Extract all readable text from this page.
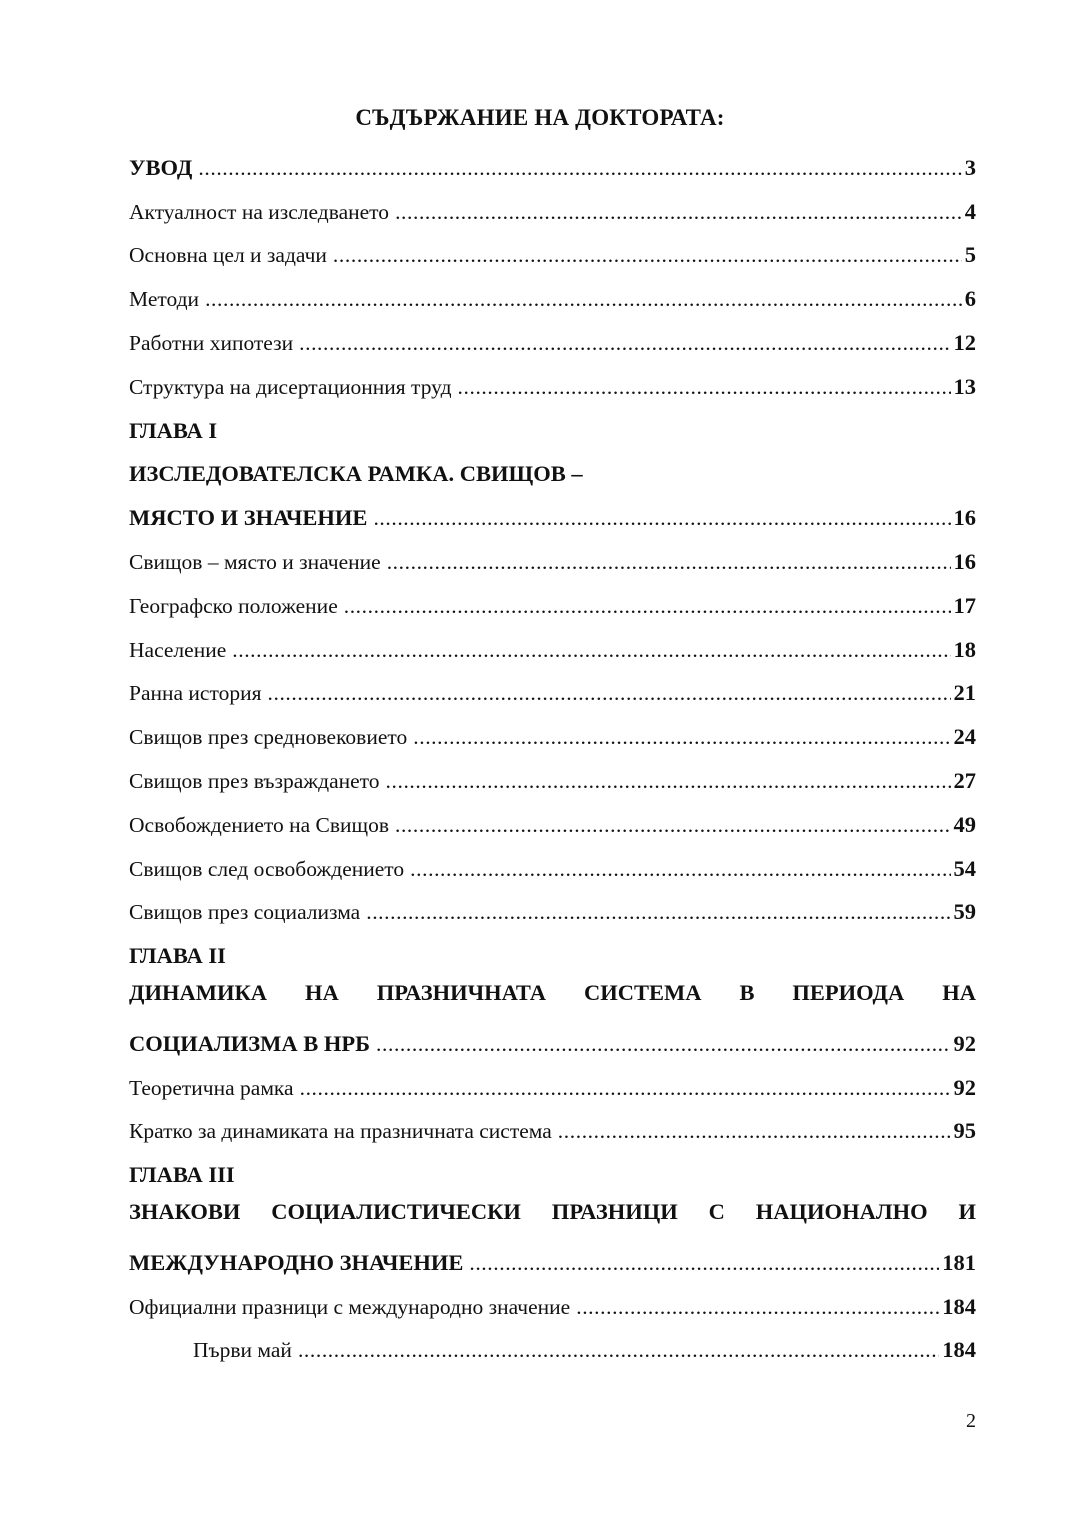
СЪДЪРЖАНИЕ НА ДОКТОРАТА:
УВОД .....	3
Актуалност на изследването .....	4
Основна цел и задачи .....	5
Методи .....	6
Работни хипотези .....	12
Структура на дисертационния труд .....	13
ГЛАВА І
ИЗСЛЕДОВАТЕЛСКА РАМКА. СВИЩОВ –
МЯСТО И ЗНАЧЕНИЕ .....	16
Свищов – място и значение .....	16
Географско положение .....	17
Население .....	18
Ранна история .....	21
Свищов през средновековието .....	24
Свищов през възраждането .....	27
Освобождението на Свищов .....	49
Свищов след освобождението .....	54
Свищов през социализма .....	59
ГЛАВА ІІ
ДИНАМИКА НА ПРАЗНИЧНАТА СИСТЕМА В ПЕРИОДА НА
СОЦИАЛИЗМА В НРБ .....	92
Теоретична рамка .....	92
Кратко за динамиката на празничната система .....	95
ГЛАВА ІІІ
ЗНАКОВИ СОЦИАЛИСТИЧЕСКИ ПРАЗНИЦИ С НАЦИОНАЛНО И
МЕЖДУНАРОДНО ЗНАЧЕНИЕ .....	181
Официални празници с международно значение .....	184
Първи май .....	184
2
